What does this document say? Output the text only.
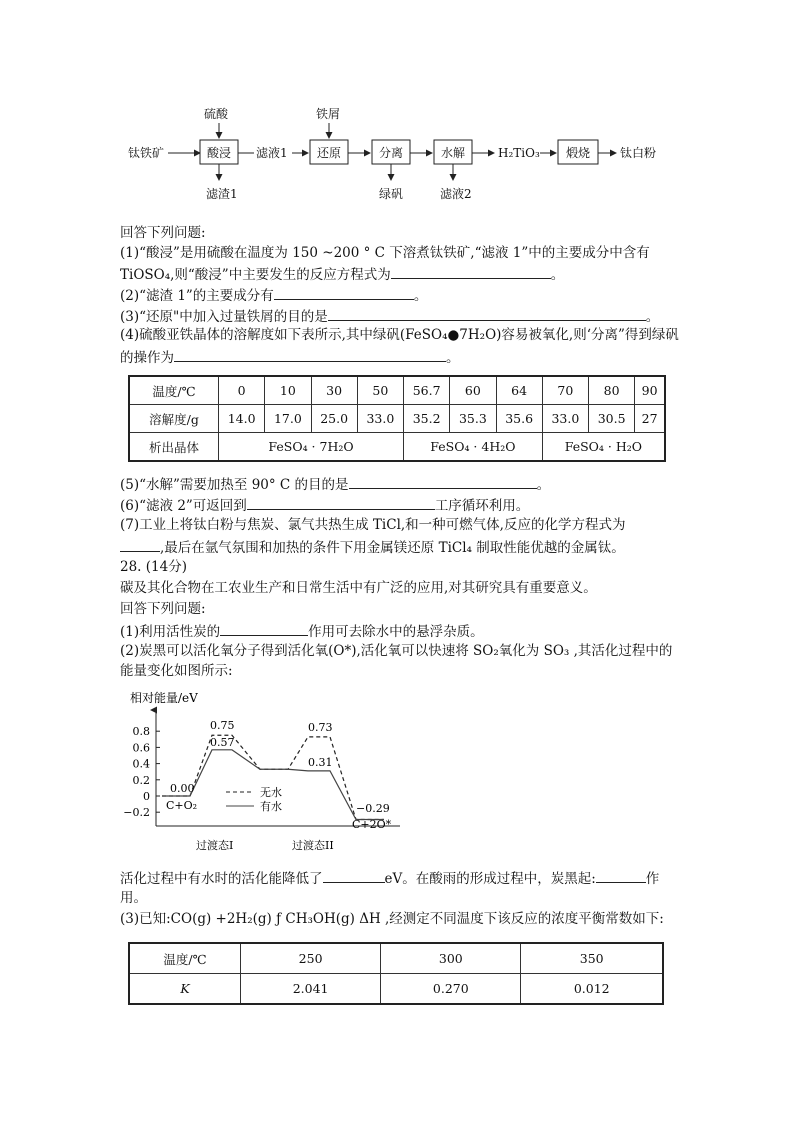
钛铁矿
硫酸
酸浸
滤渣1
滤液1
铁屑
还原	分离
绿矾
水解
滤液2
H₂TiO₃ 煅烧 钛白粉
回答下列问题:
(1)“酸浸”是用硫酸在温度为 150 ~200 ° C 下溶煮钛铁矿,“滤液 1”中的主要成分中含有
TiOSO₄,则“酸浸”中主要发生的反应方程式为	。
(2)“滤渣 1”的主要成分有	。
(3)“还原"中加入过量铁屑的目的是	。
(4)硫酸亚铁晶体的溶解度如下表所示,其中绿矾(FeSO₄●7H₂O)容易被氧化,则‘分离”得到绿矾
的操作为	。
温度/℃	0	10	30	50	56.7	60	64	70	80	90
溶解度/g	14.0	17.0	25.0	33.0	35.2	35.3	35.6	33.0	30.5	27
析出晶体	FeSO₄ · 7H₂O				FeSO₄ · 4H₂O			FeSO₄ · H₂O		
(5)“水解”需要加热至 90° C 的目的是	。
(6)“滤液 2”可返回到	工序循环利用。
(7)工业上将钛白粉与焦炭、氯气共热生成 TiCl,和一种可燃气体,反应的化学方程式为
,最后在氩气氛围和加热的条件下用金属镁还原 TiCl₄ 制取性能优越的金属钛。
28. (14分)
碳及其化合物在工农业生产和日常生活中有广泛的应用,对其研究具有重要意义。
回答下列问题:
(1)利用活性炭的	作用可去除水中的悬浮杂质。
(2)炭黑可以活化氧分子得到活化氧(O*),活化氧可以快速将 SO₂氧化为 SO₃ ,其活化过程中的
能量变化如图所示:
相对能量/eV
0.8
0.6
0.4
0.2
0
−0.2
0.00
C+O₂
0.75
0.57
0.73
0.31
−0.29
C+2O*
无水
有水
过渡态I	过渡态II
活化过程中有水时的活化能降低了	eV。在酸雨的形成过程中，炭黑起:	作
用。
(3)已知:CO(g) +2H₂(g) ƒ CH₃OH(g) ΔH ,经测定不同温度下该反应的浓度平衡常数如下:
温度/℃	250	300	350
K	2.041	0.270	0.012
